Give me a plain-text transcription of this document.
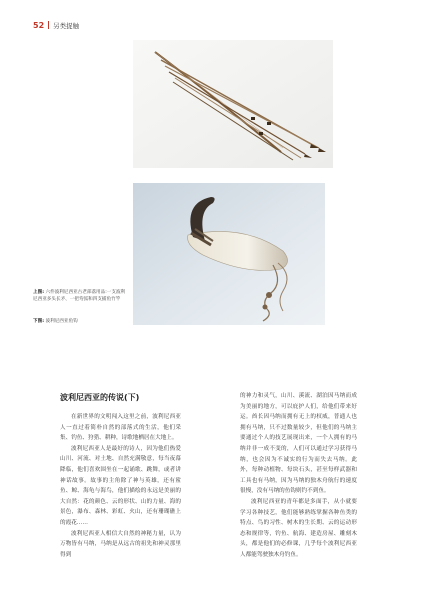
52 另类捉触
上图: 六件波利尼西亚古老部落用品:一支波利尼西亚多头长矛、一把弯弧和四支捕鱼竹竿
下图: 波利尼西亚鱼钩
波利尼西亚的传说(下)

在新世界的文明闯入这里之前，波利尼西亚人一直过着简朴自然的部落式的生活，他们采集、钓鱼、狩猎、耕种，诗歌地栖居在大地上。

波利尼西亚人是最好的诗人，因为他们热爱山川、河流、对土地、自然充满敬意，每当夜幕降临，他们喜欢围坐在一起诵歌、跳舞，或者讲神话故事。故事的主角除了神与英雄，还有鲨鱼、鲸、海龟与海鸟，他们描绘的永远是美丽的大自然：花的颜色、云的形状、山的力量、海的景色，瀑布、森林、彩虹、火山，还有珊瑚礁上的霞花……

波利尼西亚人相信大自然的神秘力量，认为万物皆有马纳，马纳是从远古的祖先和神灵那里得到

的神力和灵气，山川、溪流、湖泊因马纳而成为美丽的地方，可以庇护人们，给他们带来好运。酋长因马纳而拥有无上的权威，普通人也拥有马纳，只不过数量较少，但他们的马纳主要通过个人的技艺展现出来，一个人拥有的马纳并非一成不变的，人们可以通过学习获得马纳，也会因为不诚实的行为而失去马纳。此外，每种动植物、每块石头，甚至每样武器和工具也有马纳，因为马纳的独木舟航行的速度很慢，没有马纳的鱼钩则钓不到鱼。

波利尼西亚的青年都是多面手，从小就要学习各种技艺，他们能够熟练掌握各种鱼类的特点、鸟的习性、树木的生长期、云的运动形态和规律等，钓鱼、航海、建造房屋、雕刻木头，都是他们的必修课，几乎每个波利尼西亚人都能驾驶独木舟钓鱼。
